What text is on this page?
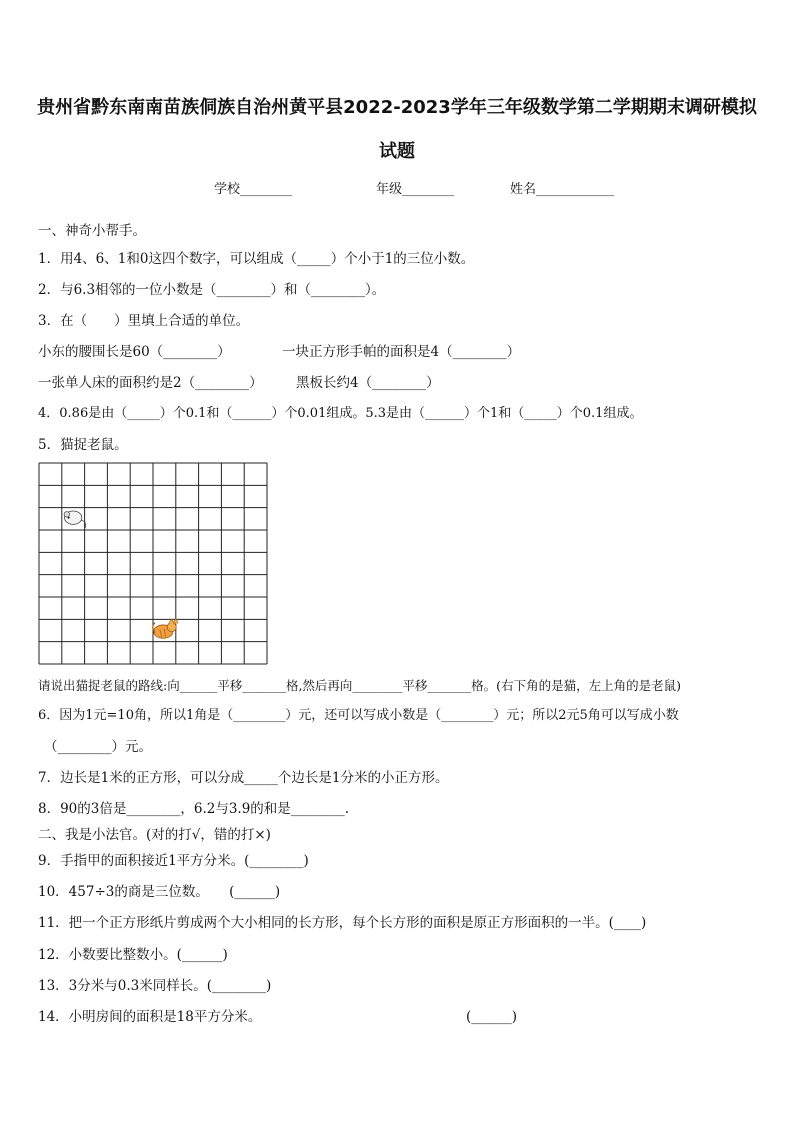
贵州省黔东南南苗族侗族自治州黄平县2022-2023学年三年级数学第二学期期末调研模拟试题
学校________	年级________	姓名____________
一、神奇小帮手。
1．用4、6、1和0这四个数字，可以组成（_____）个小于1的三位小数。
2．与6.3相邻的一位小数是（________）和（________）。
3．在（　　）里填上合适的单位。
小东的腰围长是60（________）	一块正方形手帕的面积是4（________）
一张单人床的面积约是2（________） 黑板长约4（________）
4．0.86是由（_____）个0.1和（______）个0.01组成。5.3是由（______）个1和（_____）个0.1组成。
5．猫捉老鼠。
请说出猫捉老鼠的路线:向______平移_______格,然后再向________平移_______格。(右下角的是猫，左上角的是老鼠)
6．因为1元=10角，所以1角是（________）元，还可以写成小数是（________）元；所以2元5角可以写成小数
（________）元。
7．边长是1米的正方形，可以分成_____个边长是1分米的小正方形。
8．90的3倍是________，6.2与3.9的和是________.
二、我是小法官。(对的打√，错的打×)
9．手指甲的面积接近1平方分米。(________)
10．457÷3的商是三位数。　　(______)
11．把一个正方形纸片剪成两个大小相同的长方形，每个长方形的面积是原正方形面积的一半。(____)
12．小数要比整数小。(______)
13．3分米与0.3米同样长。(________)
14．小明房间的面积是18平方分米。	(______)
